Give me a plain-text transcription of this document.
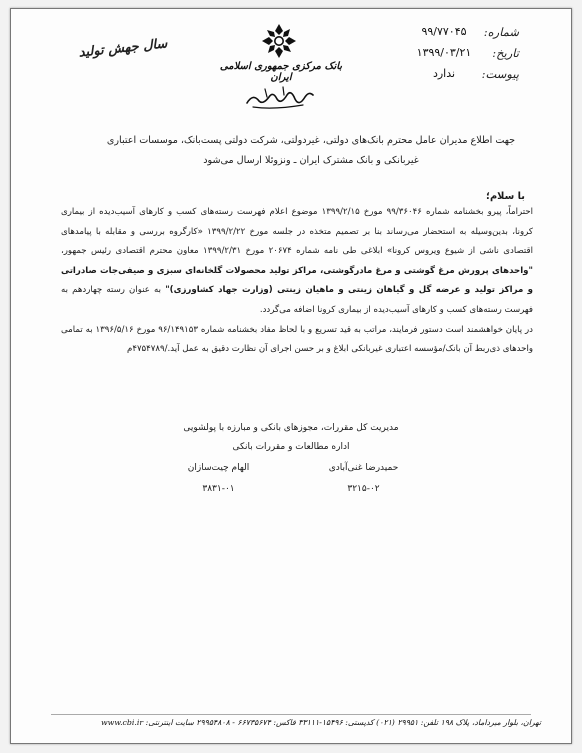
شماره:
۹۹/۷۷۰۴۵
تاریخ:
۱۳۹۹/۰۳/۲۱
پیوست:
ندارد
سال جهش تولید
بانک مرکزی جمهوری اسلامی ایران
جهت اطلاع مدیران عامل محترم بانک‌های دولتی، غیردولتی، شرکت دولتی پست‌بانک، موسسات اعتباری
غیربانکی و بانک مشترک ایران ـ ونزوئلا ارسال می‌شود
با سلام؛

احتراماً، پیرو بخشنامه شماره ۹۹/۳۶۰۴۶ مورخ ۱۳۹۹/۲/۱۵ موضوع اعلام فهرست رسته‌های کسب و کارهای آسیب‌دیده از بیماری کرونا، بدین‌وسیله به استحضار می‌رساند بنا بر تصمیم متخذه در جلسه مورخ ۱۳۹۹/۲/۲۲ «کارگروه بررسی و مقابله با پیامدهای اقتصادی ناشی از شیوع ویروس کرونا» ابلاغی طی نامه شماره ۲۰۶۷۴ مورخ ۱۳۹۹/۲/۳۱ معاون محترم اقتصادی رئیس جمهور، "واحدهای پرورش مرغ گوشتی و مرغ مادرگوشتی، مراکز تولید محصولات گلخانه‌ای سبزی و صیفی‌جات صادراتی و مراکز تولید و عرضه گل و گیاهان زینتی و ماهیان زینتی (وزارت جهاد کشاورزی)" به عنوان رسته چهاردهم به فهرست رسته‌های کسب و کارهای آسیب‌دیده از بیماری کرونا اضافه می‌گردد.

در پایان خواهشمند است دستور فرمایند، مراتب به قید تسریع و با لحاظ مفاد بخشنامه شماره ۹۶/۱۴۹۱۵۳ مورخ ۱۳۹۶/۵/۱۶ به تمامی واحدهای ذی‌ربط آن بانک/مؤسسه اعتباری غیربانکی ابلاغ و بر حسن اجرای آن نظارت دقیق به عمل آید./۴۷۵۴۷۸۹م

مدیریت کل مقررات، مجوزهای بانکی و مبارزه با پولشویی
اداره مطالعات و مقررات بانکی
حمیدرضا غنی‌آبادی
الهام چیت‌سازان
۳۲۱۵-۰۲
۳۸۳۱-۰۱
تهران، بلوار میرداماد، پلاک ۱۹۸ تلفن: ۲۹۹۵۱ (۰۲۱) کدپستی: ۱۵۴۹۶-۳۳۱۱۱ فاکس: ۶۶۷۳۵۶۷۴ - ۲۹۹۵۴۸۰۸ سایت اینترنتی: www.cbi.ir
